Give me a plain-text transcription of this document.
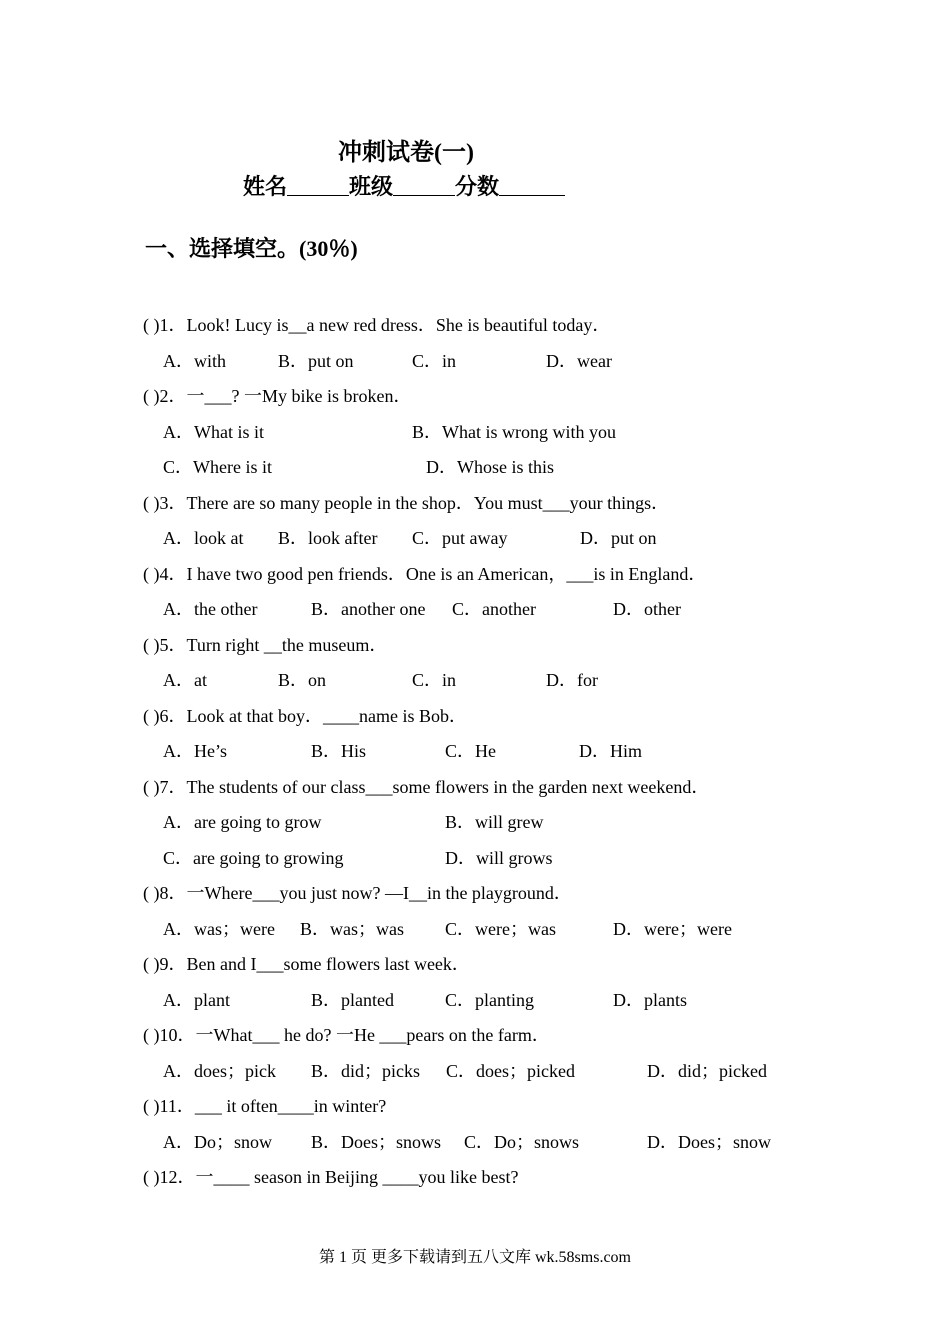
冲刺试卷(一)
姓名	班级	分数
一、选择填空。(30％)
( )1．Look! Lucy is__a new red dress．She is beautiful today．
A．with	B．put on	C．in	D．wear
( )2．一___? 一My bike is broken．
A．What is it	B．What is wrong with you
C．Where is it	D．Whose is this
( )3．There are so many people in the shop．You must___your things．
A．look at B．look after C．put away	D．put on
( )4．I have two good pen friends．One is an American，___is in England．
A．the other	B．another one C．another	D．other
( )5．Turn right __the museum．
A．at	B．on	C．in	D．for
( )6．Look at that boy．____name is Bob．
A．He’s	B．His	C．He	D．Him
( )7．The students of our class___some flowers in the garden next weekend．
A．are going to grow	B．will grew
C．are going to growing	D．will grows
( )8．一Where___you just now? —I__in the playground．
A．was；were B．was；was C．were；was	D．were；were
( )9．Ben and I___some flowers last week．
A．plant	B．planted	C．planting	D．plants
( )10．一What___ he do? 一He ___pears on the farm．
A．does；pick B．did；picks C．does；picked	D．did；picked
( )11．___ it often____in winter?
A．Do；snow B．Does；snows C．Do；snows	D．Does；snow
( )12．一____ season in Beijing ____you like best?
第 1 页 更多下载请到五八文库 wk.58sms.com
